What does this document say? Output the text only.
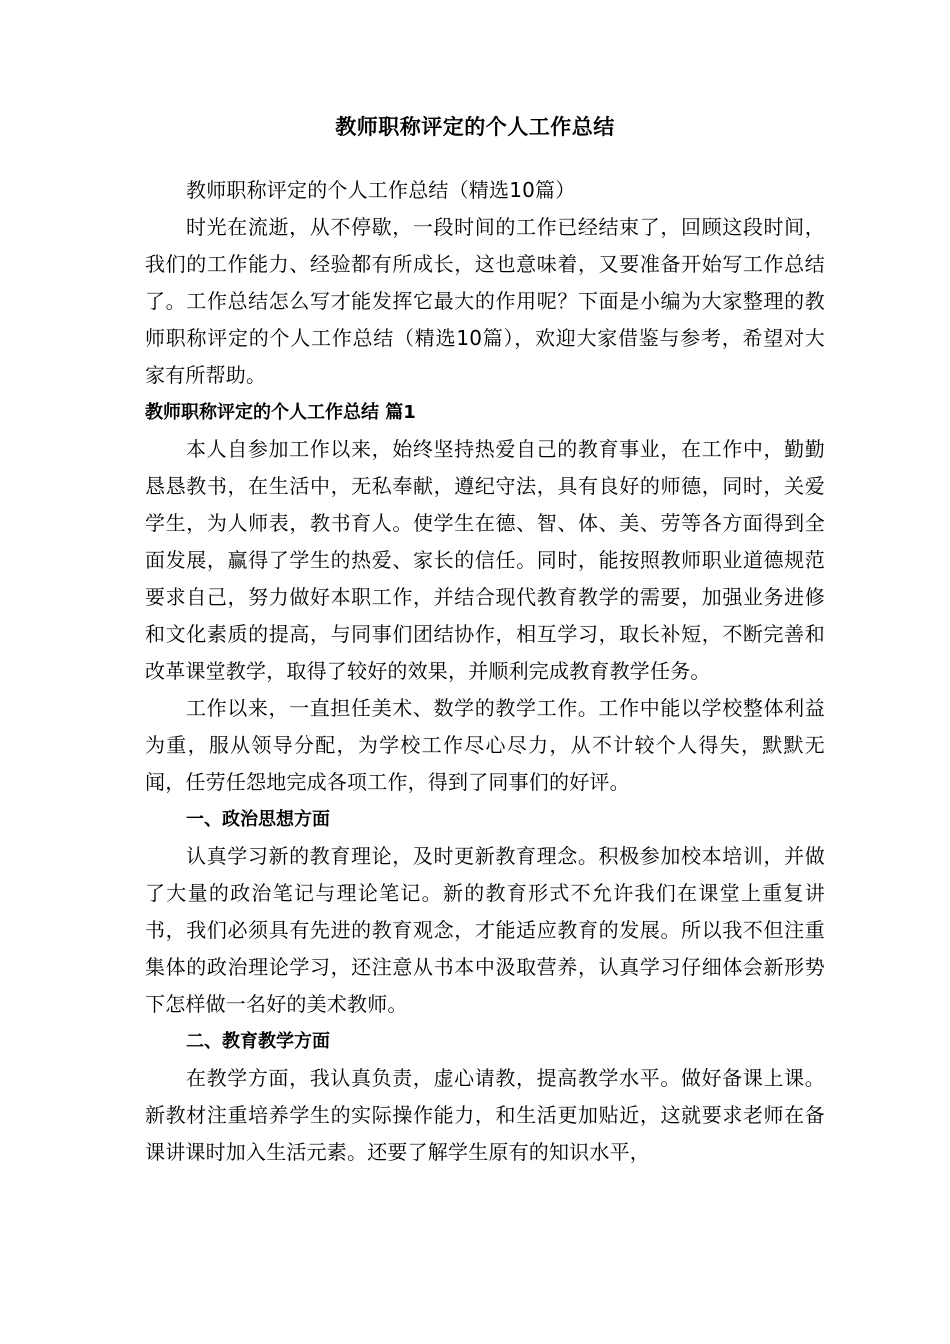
教师职称评定的个人工作总结

教师职称评定的个人工作总结（精选10篇）

时光在流逝，从不停歇，一段时间的工作已经结束了，回顾这段时间，我们的工作能力、经验都有所成长，这也意味着，又要准备开始写工作总结了。工作总结怎么写才能发挥它最大的作用呢？下面是小编为大家整理的教师职称评定的个人工作总结（精选10篇），欢迎大家借鉴与参考，希望对大家有所帮助。

教师职称评定的个人工作总结 篇1

本人自参加工作以来，始终坚持热爱自己的教育事业，在工作中，勤勤恳恳教书，在生活中，无私奉献，遵纪守法，具有良好的师德，同时，关爱学生，为人师表，教书育人。使学生在德、智、体、美、劳等各方面得到全面发展，赢得了学生的热爱、家长的信任。同时，能按照教师职业道德规范要求自己，努力做好本职工作，并结合现代教育教学的需要，加强业务进修和文化素质的提高，与同事们团结协作，相互学习，取长补短，不断完善和改革课堂教学，取得了较好的效果，并顺利完成教育教学任务。

工作以来，一直担任美术、数学的教学工作。工作中能以学校整体利益为重，服从领导分配，为学校工作尽心尽力，从不计较个人得失，默默无闻，任劳任怨地完成各项工作，得到了同事们的好评。

一、政治思想方面

认真学习新的教育理论，及时更新教育理念。积极参加校本培训，并做了大量的政治笔记与理论笔记。新的教育形式不允许我们在课堂上重复讲书，我们必须具有先进的教育观念，才能适应教育的发展。所以我不但注重集体的政治理论学习，还注意从书本中汲取营养，认真学习仔细体会新形势下怎样做一名好的美术教师。

二、教育教学方面

在教学方面，我认真负责，虚心请教，提高教学水平。做好备课上课。新教材注重培养学生的实际操作能力，和生活更加贴近，这就要求老师在备课讲课时加入生活元素。还要了解学生原有的知识水平，
